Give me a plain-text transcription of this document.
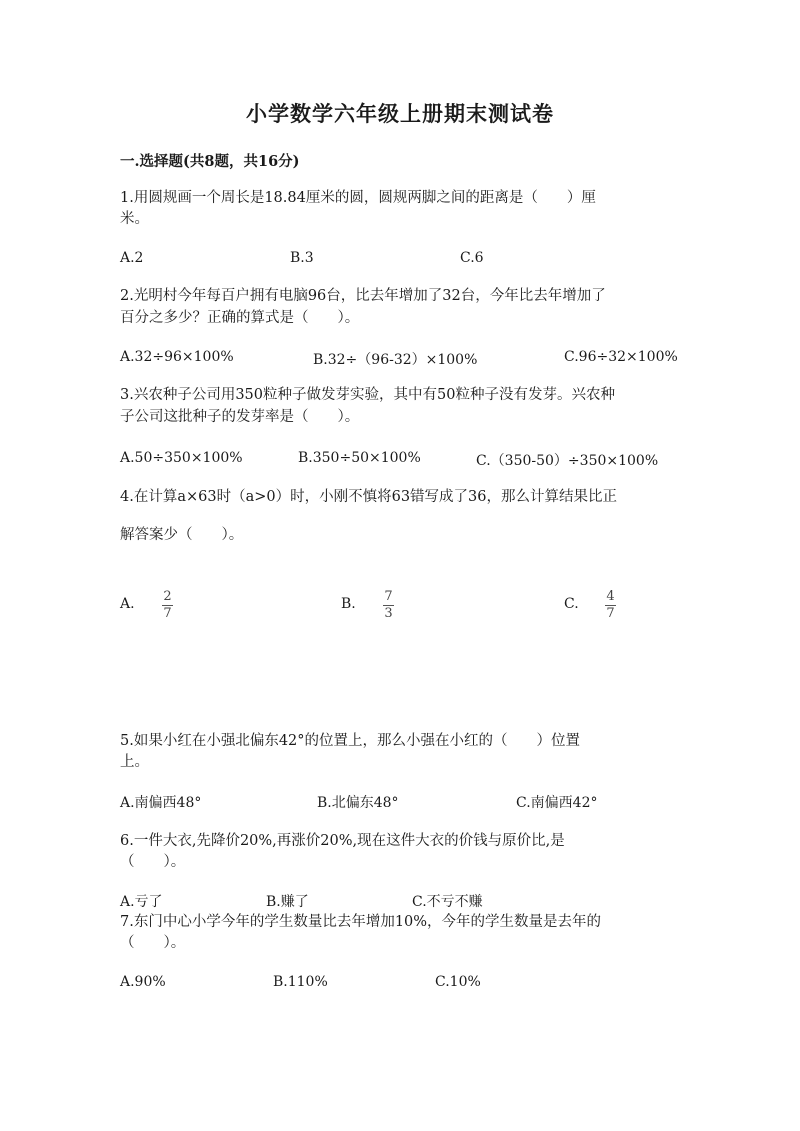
小学数学六年级上册期末测试卷
一.选择题(共8题，共16分)
1.用圆规画一个周长是18.84厘米的圆，圆规两脚之间的距离是（　　）厘
米。
A.2	B.3	C.6
2.光明村今年每百户拥有电脑96台，比去年增加了32台，今年比去年增加了
百分之多少？正确的算式是（　　）。
A.32÷96×100%	B.32÷（96-32）×100%	C.96÷32×100%
3.兴农种子公司用350粒种子做发芽实验，其中有50粒种子没有发芽。兴农种
子公司这批种子的发芽率是（　　）。
A.50÷350×100%	B.350÷50×100%	C.（350-50）÷350×100%
4.在计算a×63时（a>0）时，小刚不慎将63错写成了36，那么计算结果比正
解答案少（　　）。
A. 2
7
B. 7
3
C. 4
7
5.如果小红在小强北偏东42°的位置上，那么小强在小红的（　　）位置
上。
A.南偏西48°	B.北偏东48°	C.南偏西42°
6.一件大衣,先降价20%,再涨价20%,现在这件大衣的价钱与原价比,是
（　　）。
A.亏了	B.赚了	C.不亏不赚
7.东门中心小学今年的学生数量比去年增加10%，今年的学生数量是去年的
（　　）。
A.90%	B.110%	C.10%
